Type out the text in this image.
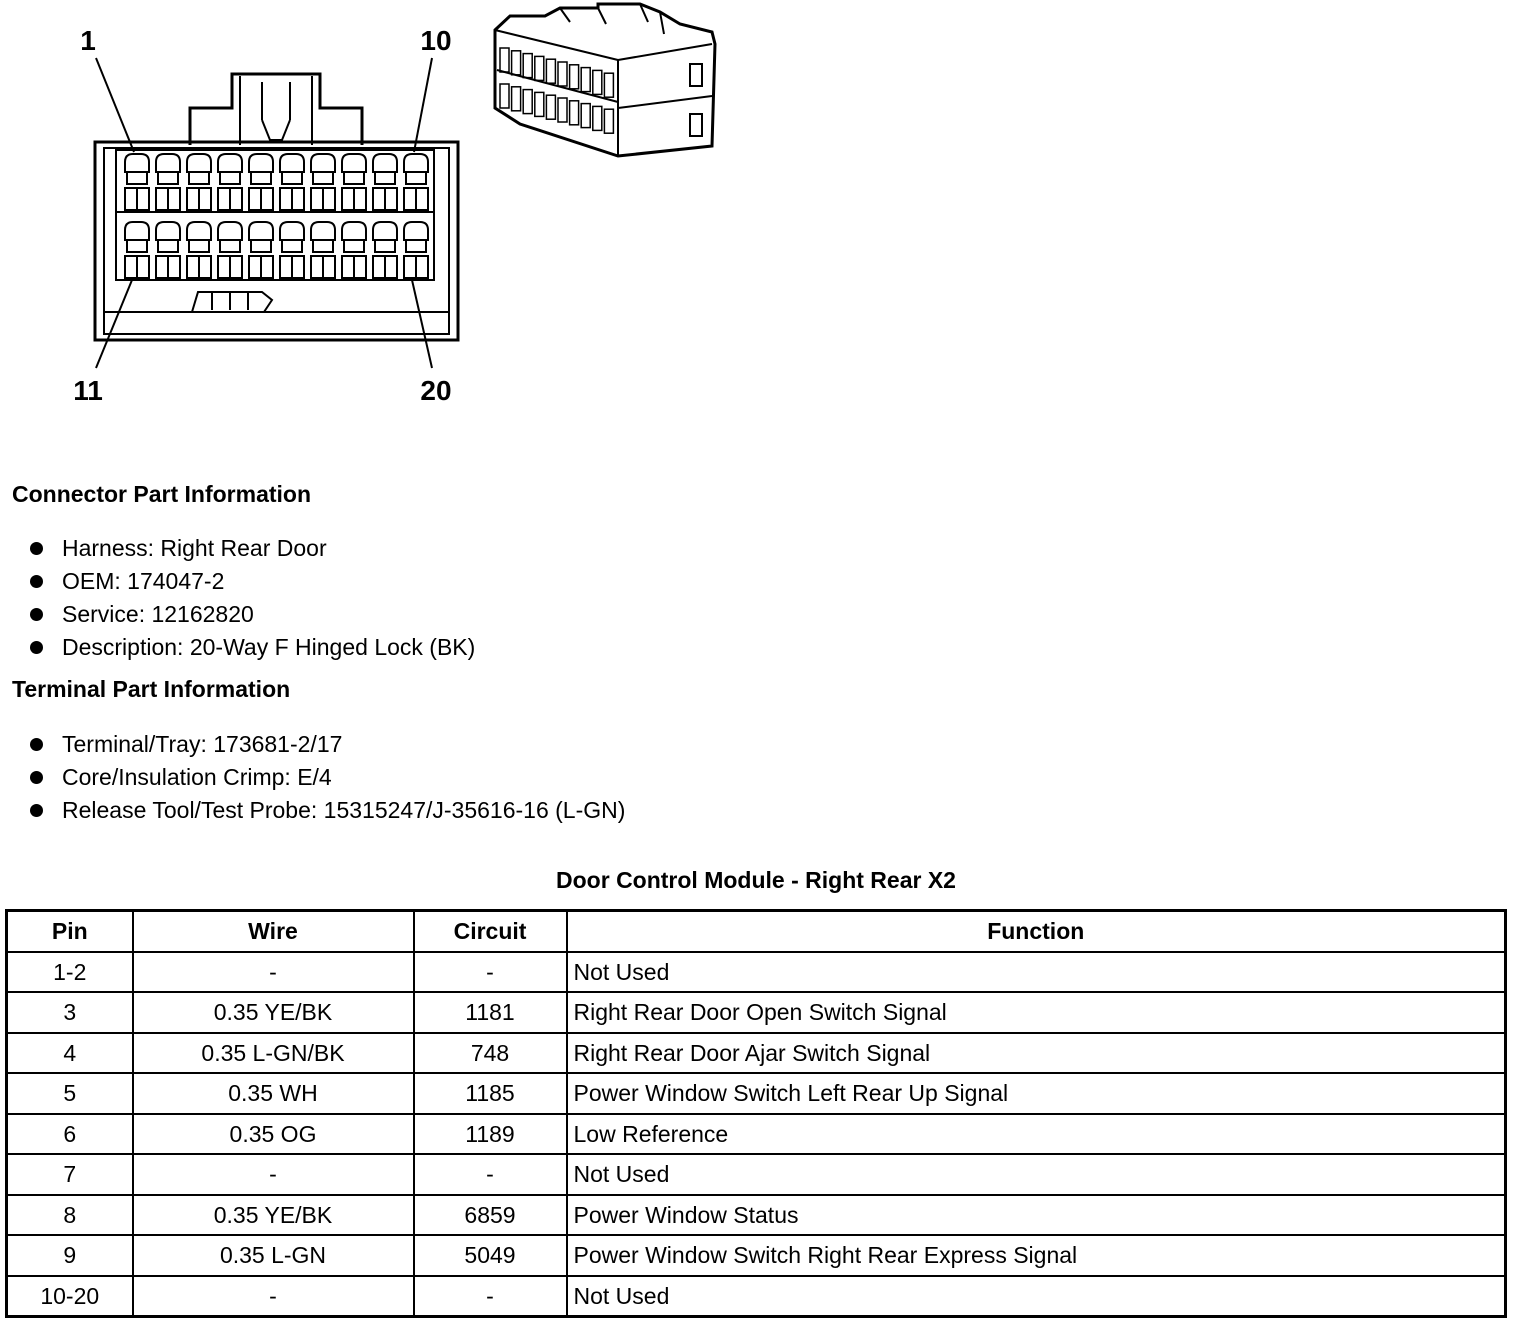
1	10
11	20
Connector Part Information
Harness: Right Rear Door
OEM: 174047-2
Service: 12162820
Description: 20-Way F Hinged Lock (BK)
Terminal Part Information
Terminal/Tray: 173681-2/17
Core/Insulation Crimp: E/4
Release Tool/Test Probe: 15315247/J-35616-16 (L-GN)
Door Control Module - Right Rear X2
Pin	Wire	Circuit	Function
1-2	-	-	Not Used
3	0.35 YE/BK	1181	Right Rear Door Open Switch Signal
4	0.35 L-GN/BK	748	Right Rear Door Ajar Switch Signal
5	0.35 WH	1185	Power Window Switch Left Rear Up Signal
6	0.35 OG	1189	Low Reference
7	-	-	Not Used
8	0.35 YE/BK	6859	Power Window Status
9	0.35 L-GN	5049	Power Window Switch Right Rear Express Signal
10-20	-	-	Not Used
